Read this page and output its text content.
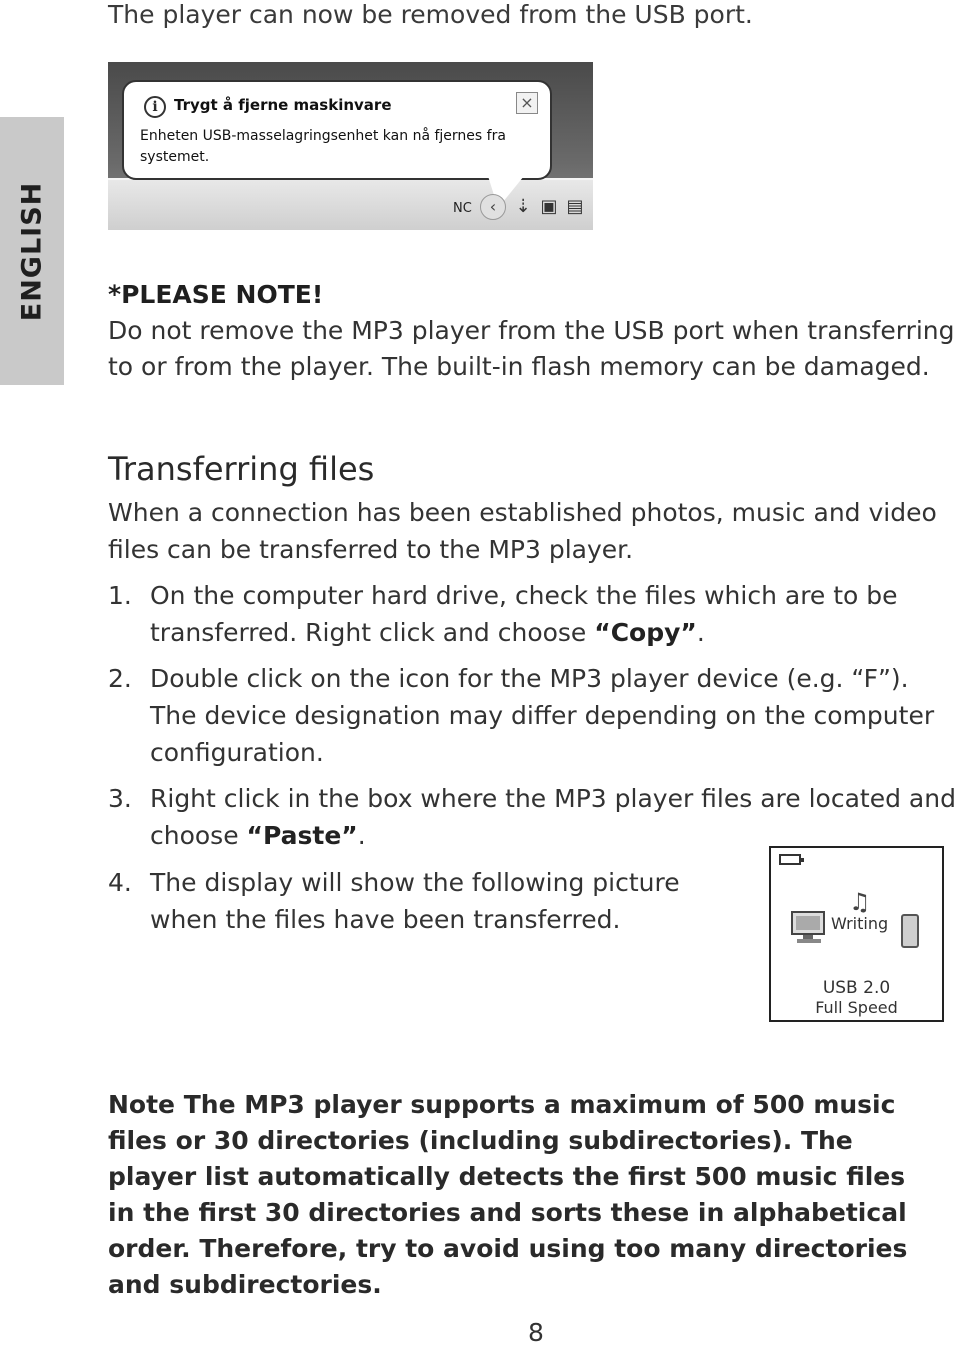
ENGLISH
The player can now be removed from the USB port.
i	Trygt å fjerne maskinvare
Enheten USB-masselagringsenhet kan nå fjernes fra systemet.
×
NC	‹	⇣ ▣ ▤
*PLEASE NOTE!
Do not remove the MP3 player from the USB port when transferring to or from the player. The built-in flash memory can be damaged.
Transferring files
When a connection has been established photos, music and video files can be transferred to the MP3 player.
1. On the computer hard drive, check the files which are to be transferred. Right click and choose “Copy”.
2. Double click on the icon for the MP3 player device (e.g. “F”). The device designation may differ depending on the computer configuration.
3. Right click in the box where the MP3 player files are located and choose “Paste”.
4. The display will show the following picture when the files have been transferred.
♫
Writing
USB 2.0
Full Speed
Note The MP3 player supports a maximum of 500 music files or 30 directories (including subdirectories). The player list automatically detects the first 500 music files in the first 30 directories and sorts these in alphabetical order. Therefore, try to avoid using too many directories and subdirectories.
8
